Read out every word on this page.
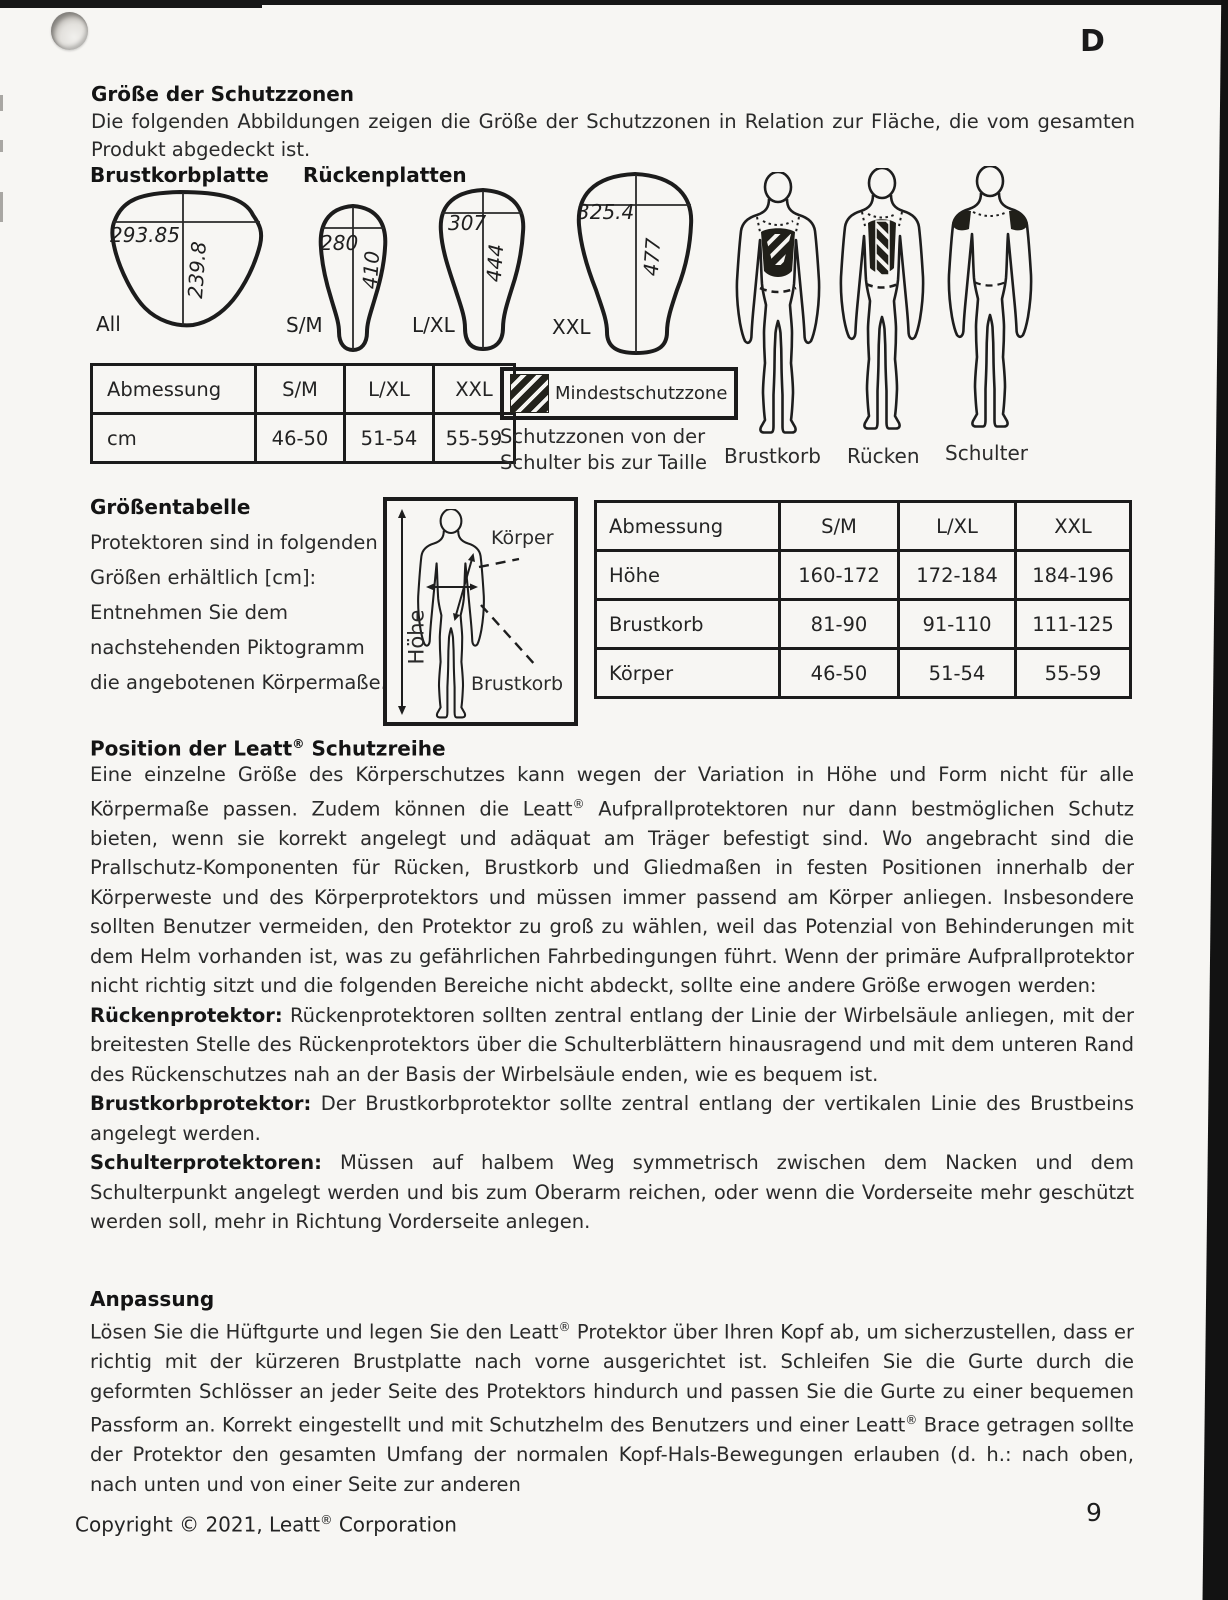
D
Größe der Schutzzonen
Die folgenden Abbildungen zeigen die Größe der Schutzzonen in Relation zur Fläche, die vom gesamten Produkt abgedeckt ist.
Brustkorbplatte Rückenplatten
293.85
239.8	280
410
307
444
325.4
477
All	S/M	L/XL	XXL
Brustkorb Rücken Schulter
Abmessung	S/M	L/XL	XXL
cm	46-50	51-54	55-59
Mindestschutzzone
Schutzzonen von der
Schulter bis zur Taille
Größentabelle
Protektoren sind in folgenden
Größen erhältlich [cm]:
Entnehmen Sie dem
nachstehenden Piktogramm
die angebotenen Körpermaße.
Körper
Höhe
Brustkorb
Abmessung	S/M	L/XL	XXL
Höhe	160-172	172-184	184-196
Brustkorb	81-90	91-110	111-125
Körper	46-50	51-54	55-59
Position der Leatt® Schutzreihe

Eine einzelne Größe des Körperschutzes kann wegen der Variation in Höhe und Form nicht für alle Körpermaße passen. Zudem können die Leatt® Aufprallprotektoren nur dann bestmöglichen Schutz bieten, wenn sie korrekt angelegt und adäquat am Träger befestigt sind. Wo angebracht sind die Prallschutz-Komponenten für Rücken, Brustkorb und Gliedmaßen in festen Positionen innerhalb der Körperweste und des Körperprotektors und müssen immer passend am Körper anliegen. Insbesondere sollten Benutzer vermeiden, den Protektor zu groß zu wählen, weil das Potenzial von Behinderungen mit dem Helm vorhanden ist, was zu gefährlichen Fahrbedingungen führt. Wenn der primäre Aufprallprotektor nicht richtig sitzt und die folgenden Bereiche nicht abdeckt, sollte eine andere Größe erwogen werden:

Rückenprotektor: Rückenprotektoren sollten zentral entlang der Linie der Wirbelsäule anliegen, mit der breitesten Stelle des Rückenprotektors über die Schulterblättern hinausragend und mit dem unteren Rand des Rückenschutzes nah an der Basis der Wirbelsäule enden, wie es bequem ist.

Brustkorbprotektor: Der Brustkorbprotektor sollte zentral entlang der vertikalen Linie des Brustbeins angelegt werden.

Schulterprotektoren: Müssen auf halbem Weg symmetrisch zwischen dem Nacken und dem Schulterpunkt angelegt werden und bis zum Oberarm reichen, oder wenn die Vorderseite mehr geschützt werden soll, mehr in Richtung Vorderseite anlegen.

Anpassung

Lösen Sie die Hüftgurte und legen Sie den Leatt® Protektor über Ihren Kopf ab, um sicherzustellen, dass er richtig mit der kürzeren Brustplatte nach vorne ausgerichtet ist. Schleifen Sie die Gurte durch die geformten Schlösser an jeder Seite des Protektors hindurch und passen Sie die Gurte zu einer bequemen Passform an. Korrekt eingestellt und mit Schutzhelm des Benutzers und einer Leatt® Brace getragen sollte der Protektor den gesamten Umfang der normalen Kopf-Hals-Bewegungen erlauben (d. h.: nach oben, nach unten und von einer Seite zur anderen

Copyright © 2021, Leatt® Corporation	9
